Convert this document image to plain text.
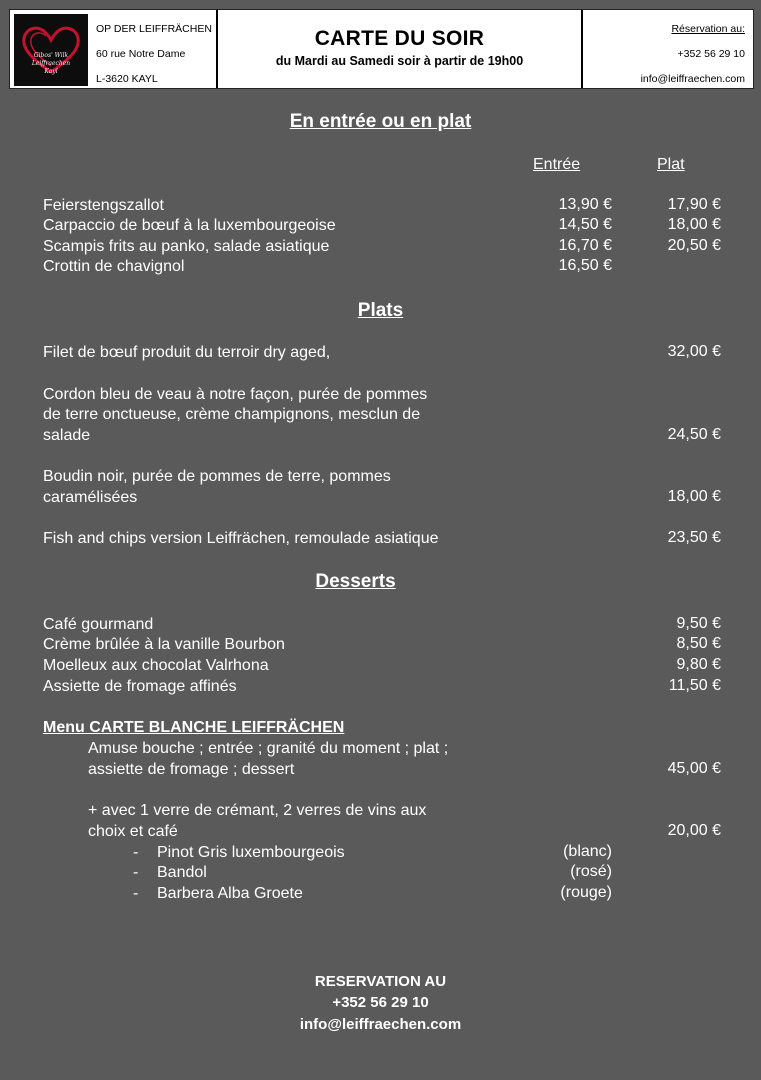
Gibos' Wilk
Leiffraechen
Kayl
OP DER LEIFFRÄCHEN
60 rue Notre Dame
L-3620 KAYL
CARTE DU SOIR
du Mardi au Samedi soir à partir de 19h00
Réservation au:
+352 56 29 10
info@leiffraechen.com
En entrée ou en plat
Entrée	Plat
Feierstengszallot	13,90 €	17,90 €
Carpaccio de bœuf à la luxembourgeoise	14,50 €	18,00 €
Scampis frits au panko, salade asiatique	16,70 €	20,50 €
Crottin de chavignol	16,50 €
Plats
Filet de bœuf produit du terroir dry aged,	32,00 €
Cordon bleu de veau à notre façon, purée de pommes
de terre onctueuse, crème champignons, mesclun de
salade	24,50 €
Boudin noir, purée de pommes de terre, pommes
caramélisées	18,00 €
Fish and chips version Leiffrächen, remoulade asiatique	23,50 €
Desserts
Café gourmand	9,50 €
Crème brûlée à la vanille Bourbon	8,50 €
Moelleux aux chocolat Valrhona	9,80 €
Assiette de fromage affinés	11,50 €
Menu CARTE BLANCHE LEIFFRÄCHEN
Amuse bouche ; entrée ; granité du moment ; plat ;
assiette de fromage ; dessert	45,00 €
+ avec 1 verre de crémant, 2 verres de vins aux
choix et café	20,00 €
- Pinot Gris luxembourgeois	(blanc)
- Bandol	(rosé)
- Barbera Alba Groete	(rouge)
RESERVATION AU
+352 56 29 10
info@leiffraechen.com
